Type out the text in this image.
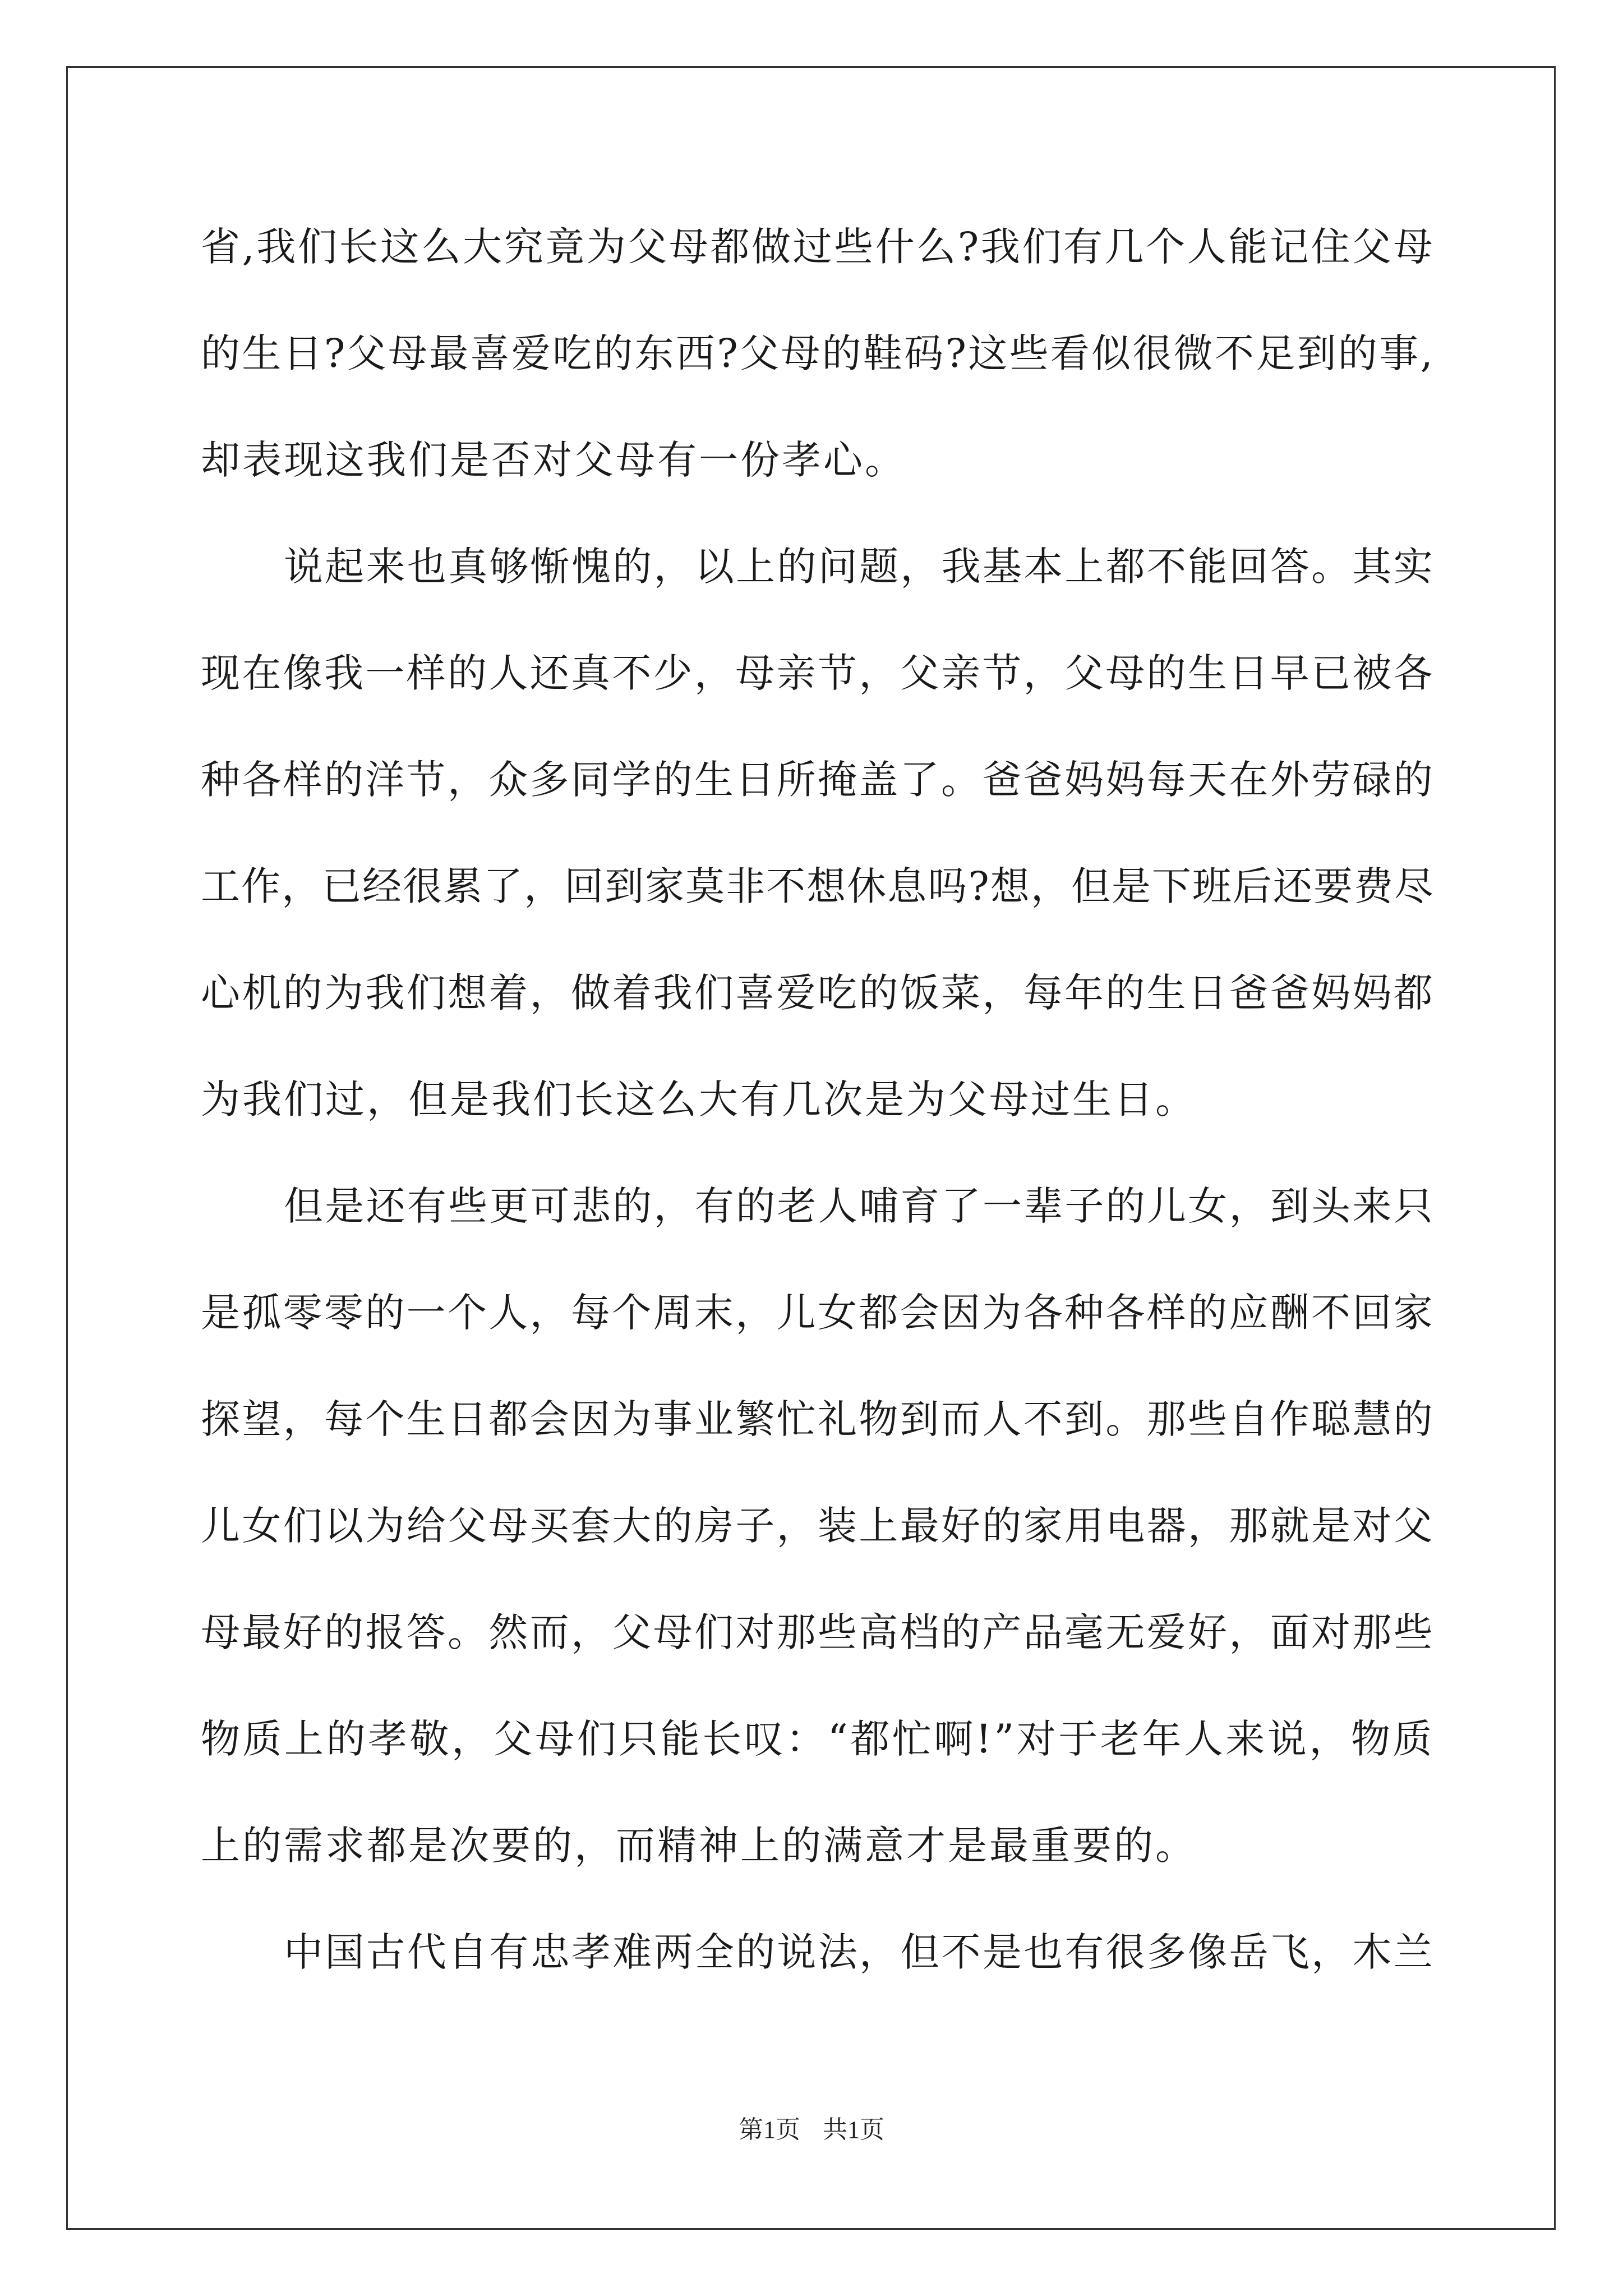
省,我们长这么大究竟为父母都做过些什么?我们有几个人能记住父母
的生日?父母最喜爱吃的东西?父母的鞋码?这些看似很微不足到的事,
却表现这我们是否对父母有一份孝心。
说起来也真够惭愧的，以上的问题，我基本上都不能回答。其实
现在像我一样的人还真不少，母亲节，父亲节，父母的生日早已被各
种各样的洋节，众多同学的生日所掩盖了。爸爸妈妈每天在外劳碌的
工作，已经很累了，回到家莫非不想休息吗?想，但是下班后还要费尽
心机的为我们想着，做着我们喜爱吃的饭菜，每年的生日爸爸妈妈都
为我们过，但是我们长这么大有几次是为父母过生日。
但是还有些更可悲的，有的老人哺育了一辈子的儿女，到头来只
是孤零零的一个人，每个周末，儿女都会因为各种各样的应酬不回家
探望，每个生日都会因为事业繁忙礼物到而人不到。那些自作聪慧的
儿女们以为给父母买套大的房子，装上最好的家用电器，那就是对父
母最好的报答。然而，父母们对那些高档的产品毫无爱好，面对那些
物质上的孝敬，父母们只能长叹：“都忙啊!”对于老年人来说，物质
上的需求都是次要的，而精神上的满意才是最重要的。
中国古代自有忠孝难两全的说法，但不是也有很多像岳飞，木兰
第1页 共1页
